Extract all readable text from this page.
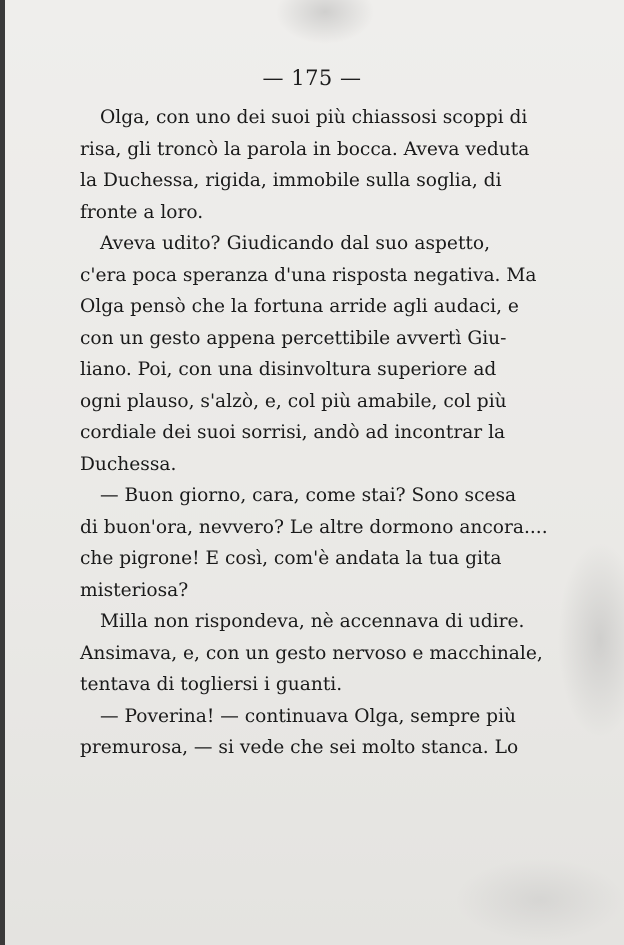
— 175 —
Olga, con uno dei suoi più chiassosi scoppi di
risa, gli troncò la parola in bocca. Aveva veduta
la Duchessa, rigida, immobile sulla soglia, di
fronte a loro.
Aveva udito? Giudicando dal suo aspetto,
c'era poca speranza d'una risposta negativa. Ma
Olga pensò che la fortuna arride agli audaci, e
con un gesto appena percettibile avvertì Giu-
liano. Poi, con una disinvoltura superiore ad
ogni plauso, s'alzò, e, col più amabile, col più
cordiale dei suoi sorrisi, andò ad incontrar la
Duchessa.
— Buon giorno, cara, come stai? Sono scesa
di buon'ora, nevvero? Le altre dormono ancora....
che pigrone! E così, com'è andata la tua gita
misteriosa?
Milla non rispondeva, nè accennava di udire.
Ansimava, e, con un gesto nervoso e macchinale,
tentava di togliersi i guanti.
— Poverina! — continuava Olga, sempre più
premurosa, — si vede che sei molto stanca. Lo
